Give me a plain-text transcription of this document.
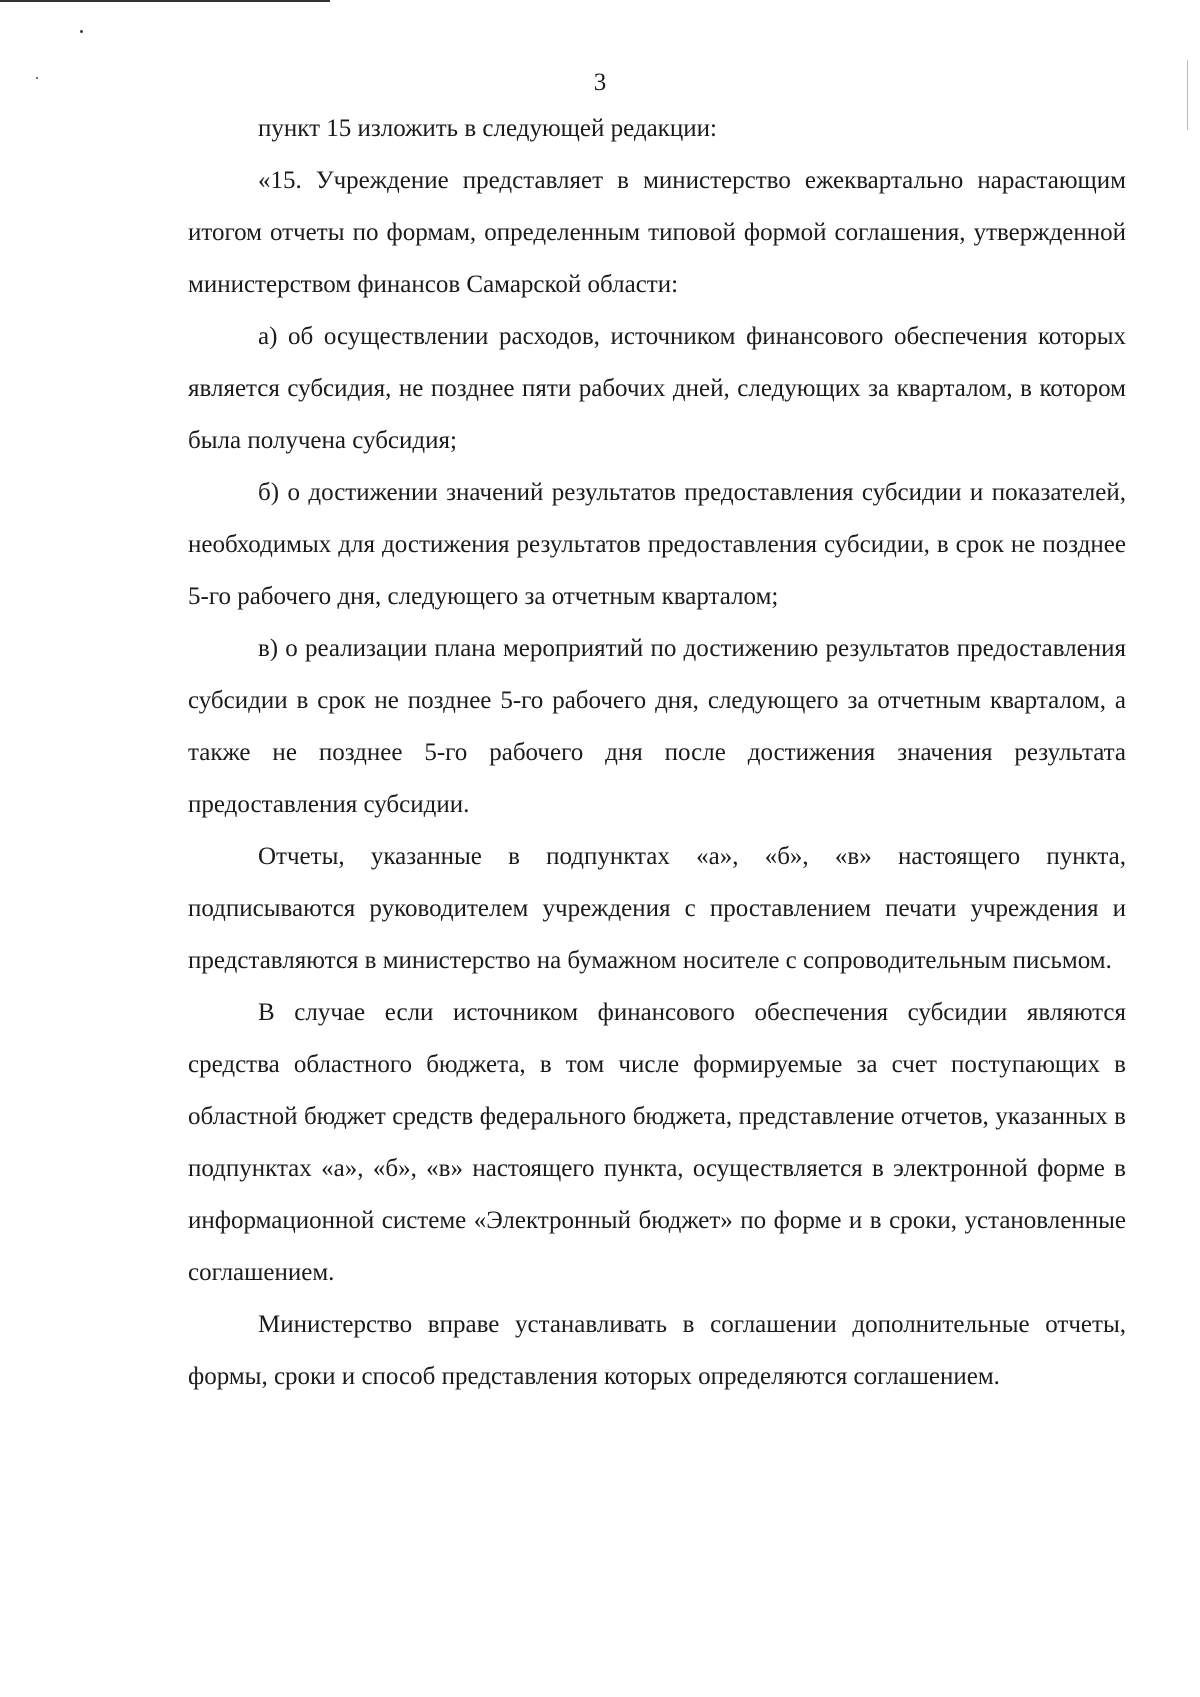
3

пункт 15 изложить в следующей редакции:

«15. Учреждение представляет в министерство ежеквартально нарастающим итогом отчеты по формам, определенным типовой формой соглашения, утвержденной министерством финансов Самарской области:

а) об осуществлении расходов, источником финансового обеспечения которых является субсидия, не позднее пяти рабочих дней, следующих за кварталом, в котором была получена субсидия;

б) о достижении значений результатов предоставления субсидии и показателей, необходимых для достижения результатов предоставления субсидии, в срок не позднее 5-го рабочего дня, следующего за отчетным кварталом;

в) о реализации плана мероприятий по достижению результатов предоставления субсидии в срок не позднее 5-го рабочего дня, следующего за отчетным кварталом, а также не позднее 5-го рабочего дня после достижения значения результата предоставления субсидии.

Отчеты, указанные в подпунктах «а», «б», «в» настоящего пункта, подписываются руководителем учреждения с проставлением печати учреждения и представляются в министерство на бумажном носителе с сопроводительным письмом.

В случае если источником финансового обеспечения субсидии являются средства областного бюджета, в том числе формируемые за счет поступающих в областной бюджет средств федерального бюджета, представление отчетов, указанных в подпунктах «а», «б», «в» настоящего пункта, осуществляется в электронной форме в информационной системе «Электронный бюджет» по форме и в сроки, установленные соглашением.

Министерство вправе устанавливать в соглашении дополнительные отчеты, формы, сроки и способ представления которых определяются соглашением.
